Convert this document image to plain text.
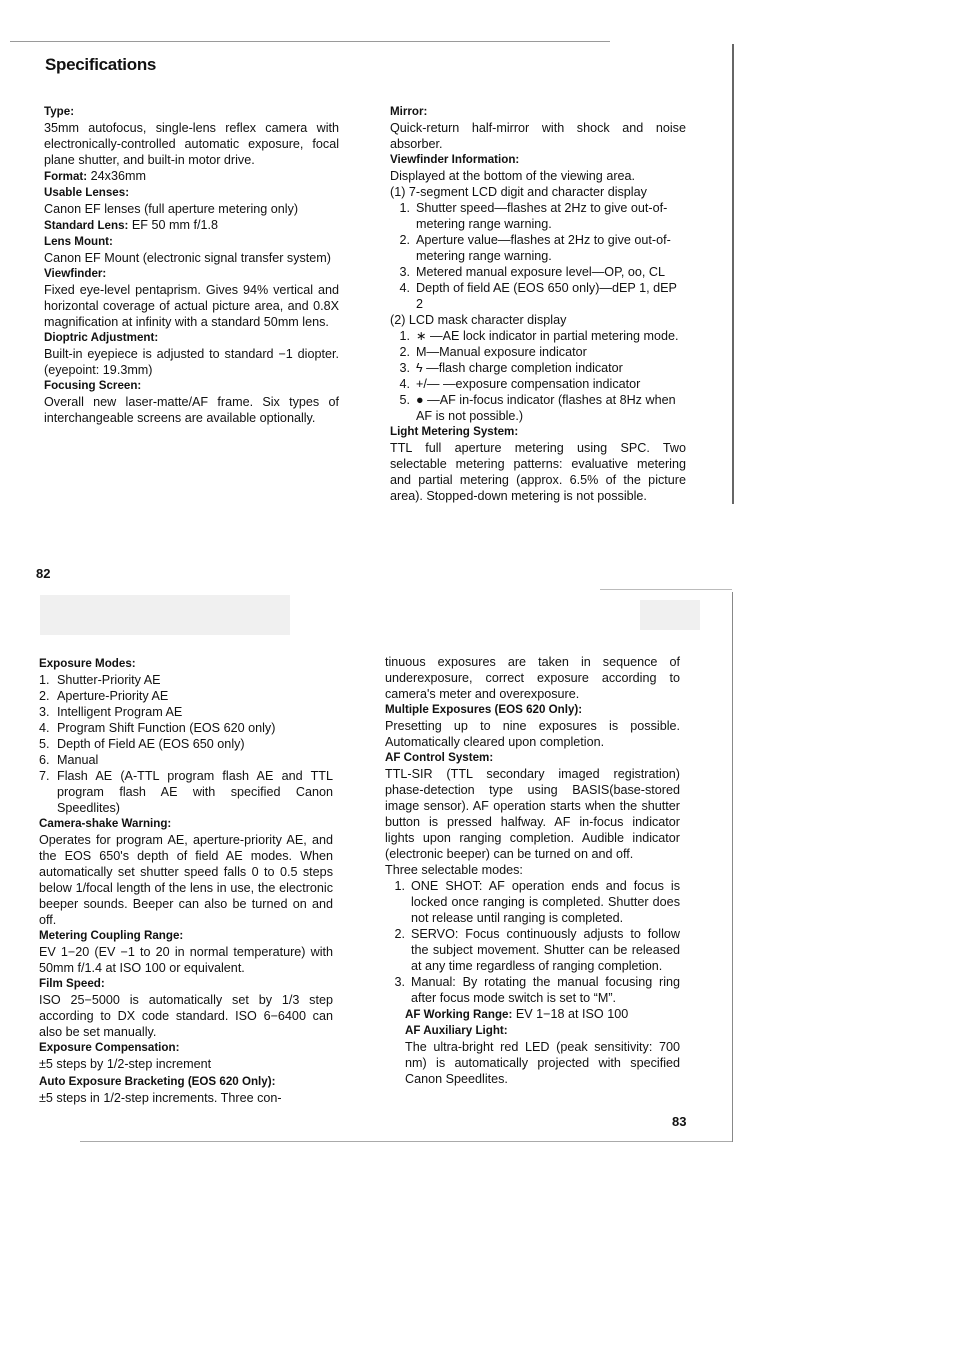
Specifications

Type:

35mm autofocus, single-lens reflex camera with electronically-controlled automatic exposure, focal plane shutter, and built-in motor drive.

Format: 24x36mm

Usable Lenses:

Canon EF lenses (full aperture metering only)

Standard Lens: EF 50 mm f/1.8

Lens Mount:

Canon EF Mount (electronic signal transfer system)

Viewfinder:

Fixed eye-level pentaprism. Gives 94% vertical and horizontal coverage of actual picture area, and 0.8X magnification at infinity with a standard 50mm lens.

Dioptric Adjustment:

Built-in eyepiece is adjusted to standard −1 diopter. (eyepoint: 19.3mm)

Focusing Screen:

Overall new laser-matte/AF frame. Six types of interchangeable screens are available optionally.

Mirror:

Quick-return half-mirror with shock and noise absorber.

Viewfinder Information:

Displayed at the bottom of the viewing area.

(1) 7-segment LCD digit and character display

1. Shutter speed—flashes at 2Hz to give out-of-metering range warning.
2. Aperture value—flashes at 2Hz to give out-of-metering range warning.
3. Metered manual exposure level—OP, oo, CL
4. Depth of field AE (EOS 650 only)—dEP 1, dEP 2

(2) LCD mask character display

1. ∗ —AE lock indicator in partial metering mode.
2. M—Manual exposure indicator
3. ϟ —flash charge completion indicator
4. +/— —exposure compensation indicator
5. ● —AF in-focus indicator (flashes at 8Hz when AF is not possible.)

Light Metering System:

TTL full aperture metering using SPC. Two selectable metering patterns: evaluative metering and partial metering (approx. 6.5% of the picture area). Stopped-down metering is not possible.

82

Exposure Modes:

1. Shutter-Priority AE
2. Aperture-Priority AE
3. Intelligent Program AE
4. Program Shift Function (EOS 620 only)
5. Depth of Field AE (EOS 650 only)
6. Manual
7. Flash AE (A-TTL program flash AE and TTL program flash AE with specified Canon Speedlites)

Camera-shake Warning:

Operates for program AE, aperture-priority AE, and the EOS 650's depth of field AE modes. When automatically set shutter speed falls 0 to 0.5 steps below 1/focal length of the lens in use, the electronic beeper sounds. Beeper can also be turned on and off.

Metering Coupling Range:

EV 1−20 (EV −1 to 20 in normal temperature) with 50mm f/1.4 at ISO 100 or equivalent.

Film Speed:

ISO 25−5000 is automatically set by 1/3 step according to DX code standard. ISO 6−6400 can also be set manually.

Exposure Compensation:

±5 steps by 1/2-step increment

Auto Exposure Bracketing (EOS 620 Only):

±5 steps in 1/2-step increments. Three con-

tinuous exposures are taken in sequence of underexposure, correct exposure according to camera's meter and overexposure.

Multiple Exposures (EOS 620 Only):

Presetting up to nine exposures is possible. Automatically cleared upon completion.

AF Control System:

TTL-SIR (TTL secondary imaged registration) phase-detection type using BASIS(base-stored image sensor). AF operation starts when the shutter button is pressed halfway. AF in-focus indicator lights upon ranging completion. Audible indicator (electronic beeper) can be turned on and off.

Three selectable modes:

1. ONE SHOT: AF operation ends and focus is locked once ranging is completed. Shutter does not release until ranging is completed.
2. SERVO: Focus continuously adjusts to follow the subject movement. Shutter can be released at any time regardless of ranging completion.
3. Manual: By rotating the manual focusing ring after focus mode switch is set to “M”.

AF Working Range: EV 1−18 at ISO 100

AF Auxiliary Light:

The ultra-bright red LED (peak sensitivity: 700 nm) is automatically projected with specified Canon Speedlites.

83
